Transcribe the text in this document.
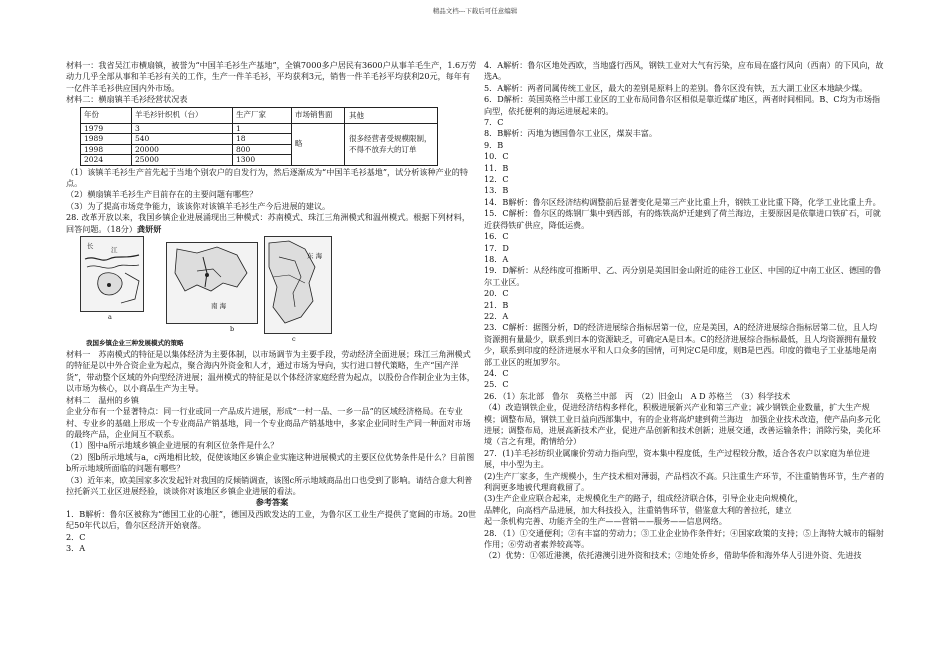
精品文档---下载后可任意编辑

材料一：我省吴江市横扇镇，被誉为“中国羊毛衫生产基地”，全镇7000多户居民有3600户从事羊毛生产，1.6万劳动力几乎全部从事和羊毛衫有关的工作，生产一件羊毛衫，平均获利3元，销售一件羊毛衫平均获利20元，每年有一亿件羊毛衫供应国内外市场。

材料二：横扇镇羊毛衫经营状况表

年份	羊毛衫针织机（台）	生产厂家	市场销售面	其他
1979	3	1	略	很多经营者受规模限制，不得不放弃大的订单
1989	540	18		
1998	20000	800		
2024	25000	1300		

（1）该镇羊毛衫生产首先起于当地个别农户的自发行为，然后逐渐成为“中国羊毛衫基地”，试分析该种产业的特点。

（2）横扇镇羊毛衫生产目前存在的主要问题有哪些？

（3）为了提高市场竞争能力，该该你对该镇羊毛衫生产今后进展的建议。

28. 改革开放以来，我国乡镇企业进展涌现出三种模式：苏南模式、珠江三角洲模式和温州模式。根据下列材料，回答问题。（18分）龚妍妍

长	江
a
南 海
b
东 海
c
我国乡镇企业三种发展模式的策略

材料一　苏南模式的特征是以集体经济为主要体制，以市场调节为主要手段，劳动经济全面进展；珠江三角洲模式的特征是以中外合资企业为起点，聚合海内外资金和人才，通过市场为导向，实行进口替代策略，生产“国产洋货”，带动整个区域的外向型经济进展；温州模式的特征是以个体经济家庭经营为起点，以股份合作制企业为主体，以市场为核心，以小商品生产为主导。

材料二　温州的乡镇

企业分布有一个显著特点：同一行业或同一产品成片进展，形成“一村一品、一乡一品”的区域经济格局。在专业村、专业乡的基础上形成一个专业商品产销基地，同一个专业商品产销基地中，多家企业同时生产同一种面对市场的最终产品，企业间互不联系。

（1）图中a所示地域乡镇企业进展的有利区位条件是什么？

（2）图b所示地域与a，c两地相比较，促使该地区乡镇企业实施这种进展模式的主要区位优势条件是什么？目前图b所示地域所面临的问题有哪些？

（3）近年来，欧美国家多次发起针对我国的反倾销调查，该图c所示地域商品出口也受到了影响。请结合意大利普拉托新兴工业区进展经验，谈谈你对该地区乡镇企业进展的看法。

参考答案

1．B解析：鲁尔区被称为“德国工业的心脏”，德国及西欧发达的工业，为鲁尔区工业生产提供了宽阔的市场。20世纪50年代以后，鲁尔区经济开始衰落。

2．C

3．A

4．A解析：鲁尔区地处西欧，当地盛行西风，钢铁工业对大气有污染，应布局在盛行风向（西南）的下风向，故选A。

5．A解析：两者同属传统工业区，最大的差别是原料上的差别。鲁尔区没有铁，五大湖工业区本地缺少煤。

6．D解析：英国英格兰中部工业区的工业布局同鲁尔区相似是靠近煤矿地区，两者时间相同。B、C均为市场指向型，依托便利的海运进展起来的。

7．C

8．B解析：丙地为德国鲁尔工业区，煤炭丰富。

9．B

10．C

11．B

12．C

13．B

14．B解析：鲁尔区经济结构调整前后显著变化是第三产业比重上升，钢铁工业比重下降，化学工业比重上升。

15．C解析：鲁尔区的炼钢厂集中到西部，有的炼铁高炉迁建到了荷兰海边，主要原因是依靠进口铁矿石，可就近获得铁矿供应，降低运费。

16．C

17．D

18．A

19．D解析：从经纬度可推断甲、乙、丙分别是美国旧金山附近的硅谷工业区、中国的辽中南工业区、德国的鲁尔工业区。

20．C

21．B

22．A

23．C解析：据图分析，D的经济进展综合指标居第一位，应是美国，A的经济进展综合指标居第二位，且人均资源拥有量最少，联系到日本的资源缺乏，可确定A是日本。C的经济进展综合指标最低，且人均资源拥有量较少，联系到印度的经济进展水平和人口众多的国情，可判定C是印度，则B是巴西。印度的微电子工业基地是南部工业区的班加罗尔。

24．C

25．C

26．（1）东北部　鲁尔　英格兰中部　丙　（2）旧金山　A D 苏格兰　（3）科学技术

（4）改造钢铁企业，促进经济结构多样化，积极进展新兴产业和第三产业；减少钢铁企业数量，扩大生产规模；调整布局，钢铁工业日益向西部集中，有的企业将高炉建到荷兰海边　加强企业技术改造，使产品向多元化进展；调整布局，进展高新技术产业，促进产品创新和技术创新；进展交通，改善运输条件；消除污染，美化环境（言之有理，酌情给分）

27．(1)羊毛衫纺织业属廉价劳动力指向型，资本集中程度低，生产过程较分散，适合各农户以家庭为单位进展，中小型为主。

(2)生产厂家多，生产规模小，生产技术相对薄弱，产品档次不高。只注重生产环节，不注重销售环节，生产者的利润更多地被代理商截留了。

(3)生产企业应联合起来，走规模化生产的路子，组成经济联合体，引导企业走向规模化，

品牌化，向高档产品进展，加大科技投入，注重销售环节，借鉴意大利的普拉托，建立

起一条机构完善、功能齐全的生产——营销——服务——信息网络。

28．（1）①交通便利；②有丰富的劳动力；③工业企业协作条件好；④国家政策的支持；⑤上海特大城市的辐射作用；⑥劳动者素养较高等。

（2）优势：①邻近港澳，依托港澳引进外资和技术；②地处侨乡，借助华侨和海外华人引进外资、先进技
